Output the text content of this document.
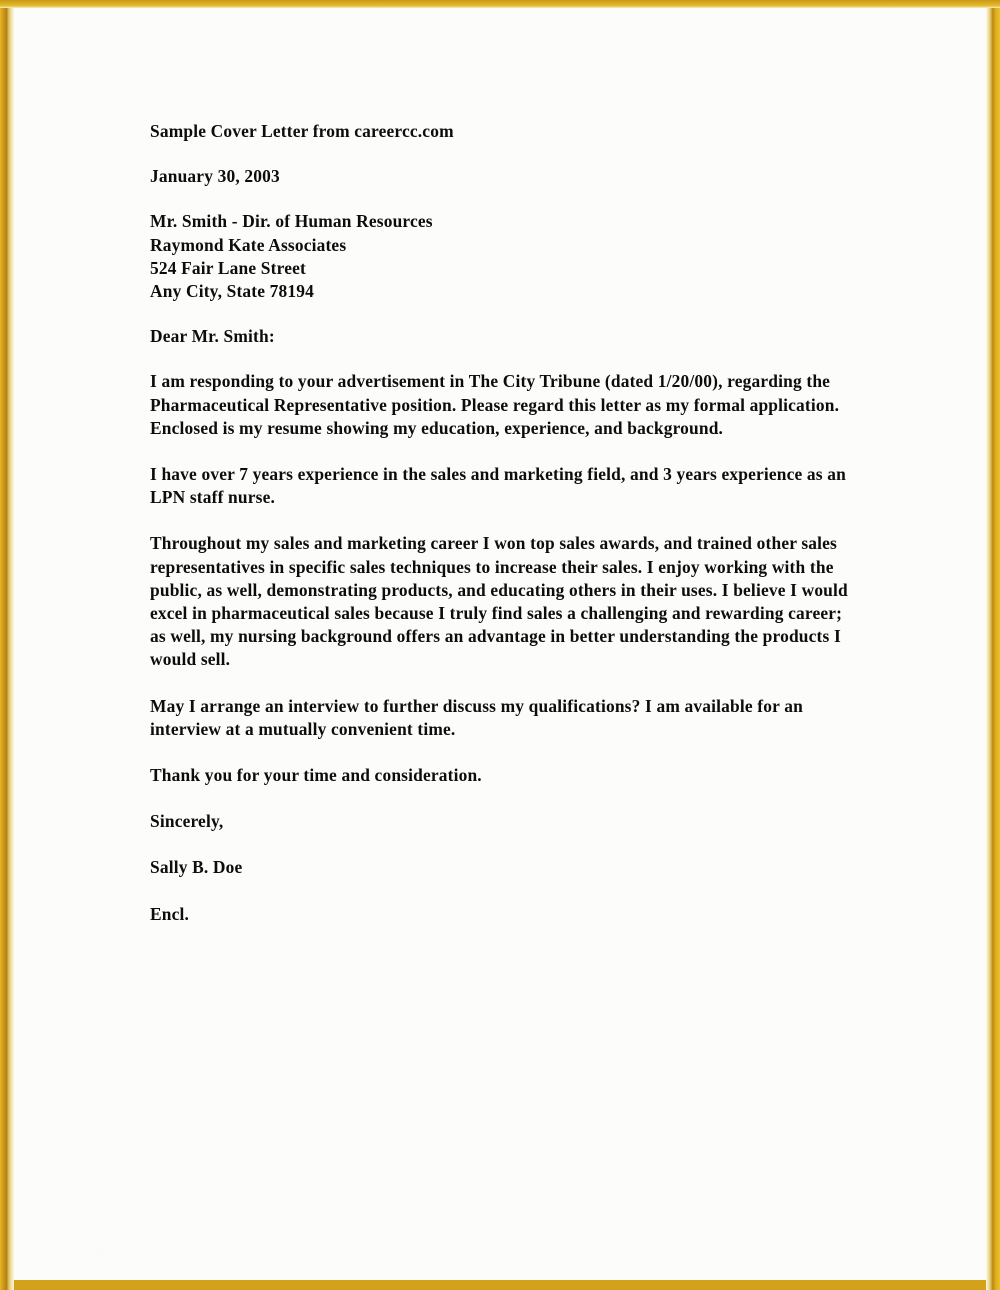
Sample Cover Letter from careercc.com

January 30, 2003

Mr. Smith - Dir. of Human Resources
Raymond Kate Associates
524 Fair Lane Street
Any City, State 78194

Dear Mr. Smith:

I am responding to your advertisement in The City Tribune (dated 1/20/00), regarding the Pharmaceutical Representative position. Please regard this letter as my formal application. Enclosed is my resume showing my education, experience, and background.

I have over 7 years experience in the sales and marketing field, and 3 years experience as an LPN staff nurse.

Throughout my sales and marketing career I won top sales awards, and trained other sales representatives in specific sales techniques to increase their sales. I enjoy working with the public, as well, demonstrating products, and educating others in their uses. I believe I would excel in pharmaceutical sales because I truly find sales a challenging and rewarding career; as well, my nursing background offers an advantage in better understanding the products I would sell.

May I arrange an interview to further discuss my qualifications? I am available for an interview at a mutually convenient time.

Thank you for your time and consideration.

Sincerely,

Sally B. Doe

Encl.

www.thetemplatecenter.com
